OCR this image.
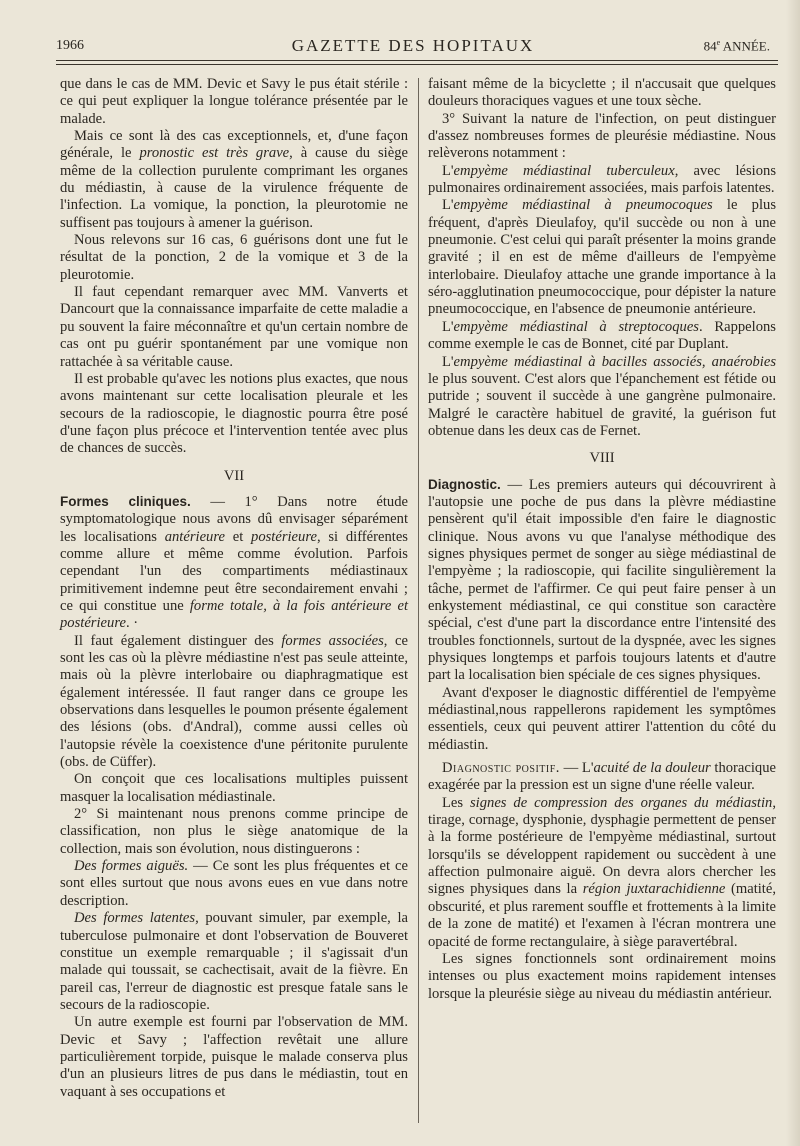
1966	GAZETTE DES HOPITAUX	84e ANNÉE.

que dans le cas de MM. Devic et Savy le pus était stérile : ce qui peut expliquer la longue tolérance présentée par le malade.

Mais ce sont là des cas exceptionnels, et, d'une façon générale, le pronostic est très grave, à cause du siège même de la collection purulente comprimant les organes du médiastin, à cause de la virulence fréquente de l'infection. La vomique, la ponction, la pleurotomie ne suffisent pas toujours à amener la guérison.

Nous relevons sur 16 cas, 6 guérisons dont une fut le résultat de la ponction, 2 de la vomique et 3 de la pleurotomie.

Il faut cependant remarquer avec MM. Vanverts et Dancourt que la connaissance imparfaite de cette maladie a pu souvent la faire méconnaître et qu'un certain nombre de cas ont pu guérir spontanément par une vomique non rattachée à sa véritable cause.

Il est probable qu'avec les notions plus exactes, que nous avons maintenant sur cette localisation pleurale et les secours de la radioscopie, le diagnostic pourra être posé d'une façon plus précoce et l'intervention tentée avec plus de chances de succès.

VII

Formes cliniques. — 1° Dans notre étude symptomatologique nous avons dû envisager séparément les localisations antérieure et postérieure, si différentes comme allure et même comme évolution. Parfois cependant l'un des compartiments médiastinaux primitivement indemne peut être secondairement envahi ; ce qui constitue une forme totale, à la fois antérieure et postérieure. ·

Il faut également distinguer des formes associées, ce sont les cas où la plèvre médiastine n'est pas seule atteinte, mais où la plèvre interlobaire ou diaphragmatique est également intéressée. Il faut ranger dans ce groupe les observations dans lesquelles le poumon présente également des lésions (obs. d'Andral), comme aussi celles où l'autopsie révèle la coexistence d'une péritonite purulente (obs. de Cüffer).

On conçoit que ces localisations multiples puissent masquer la localisation médiastinale.

2° Si maintenant nous prenons comme principe de classification, non plus le siège anatomique de la collection, mais son évolution, nous distinguerons :

Des formes aiguës. — Ce sont les plus fréquentes et ce sont elles surtout que nous avons eues en vue dans notre description.

Des formes latentes, pouvant simuler, par exemple, la tuberculose pulmonaire et dont l'observation de Bouveret constitue un exemple remarquable ; il s'agissait d'un malade qui toussait, se cachectisait, avait de la fièvre. En pareil cas, l'erreur de diagnostic est presque fatale sans le secours de la radioscopie.

Un autre exemple est fourni par l'observation de MM. Devic et Savy ; l'affection revêtait une allure particulièrement torpide, puisque le malade conserva plus d'un an plusieurs litres de pus dans le médiastin, tout en vaquant à ses occupations et

faisant même de la bicyclette ; il n'accusait que quelques douleurs thoraciques vagues et une toux sèche.

3° Suivant la nature de l'infection, on peut distinguer d'assez nombreuses formes de pleurésie médiastine. Nous relèverons notamment :

L'empyème médiastinal tuberculeux, avec lésions pulmonaires ordinairement associées, mais parfois latentes.

L'empyème médiastinal à pneumocoques le plus fréquent, d'après Dieulafoy, qu'il succède ou non à une pneumonie. C'est celui qui paraît présenter la moins grande gravité ; il en est de même d'ailleurs de l'empyème interlobaire. Dieulafoy attache une grande importance à la séro-agglutination pneumococcique, pour dépister la nature pneumococcique, en l'absence de pneumonie antérieure.

L'empyème médiastinal à streptocoques. Rappelons comme exemple le cas de Bonnet, cité par Duplant.

L'empyème médiastinal à bacilles associés, anaérobies le plus souvent. C'est alors que l'épanchement est fétide ou putride ; souvent il succède à une gangrène pulmonaire. Malgré le caractère habituel de gravité, la guérison fut obtenue dans les deux cas de Fernet.

VIII

Diagnostic. — Les premiers auteurs qui découvrirent à l'autopsie une poche de pus dans la plèvre médiastine pensèrent qu'il était impossible d'en faire le diagnostic clinique. Nous avons vu que l'analyse méthodique des signes physiques permet de songer au siège médiastinal de l'empyème ; la radioscopie, qui facilite singulièrement la tâche, permet de l'affirmer. Ce qui peut faire penser à un enkystement médiastinal, ce qui constitue son caractère spécial, c'est d'une part la discordance entre l'intensité des troubles fonctionnels, surtout de la dyspnée, avec les signes physiques longtemps et parfois toujours latents et d'autre part la localisation bien spéciale de ces signes physiques.

Avant d'exposer le diagnostic différentiel de l'empyème médiastinal,nous rappellerons rapidement les symptômes essentiels, ceux qui peuvent attirer l'attention du côté du médiastin.

Diagnostic positif. — L'acuité de la douleur thoracique exagérée par la pression est un signe d'une réelle valeur.

Les signes de compression des organes du médiastin, tirage, cornage, dysphonie, dysphagie permettent de penser à la forme postérieure de l'empyème médiastinal, surtout lorsqu'ils se développent rapidement ou succèdent à une affection pulmonaire aiguë. On devra alors chercher les signes physiques dans la région juxtarachidienne (matité, obscurité, et plus rarement souffle et frottements à la limite de la zone de matité) et l'examen à l'écran montrera une opacité de forme rectangulaire, à siège paravertébral.

Les signes fonctionnels sont ordinairement moins intenses ou plus exactement moins rapidement intenses lorsque la pleurésie siège au niveau du médiastin antérieur.
